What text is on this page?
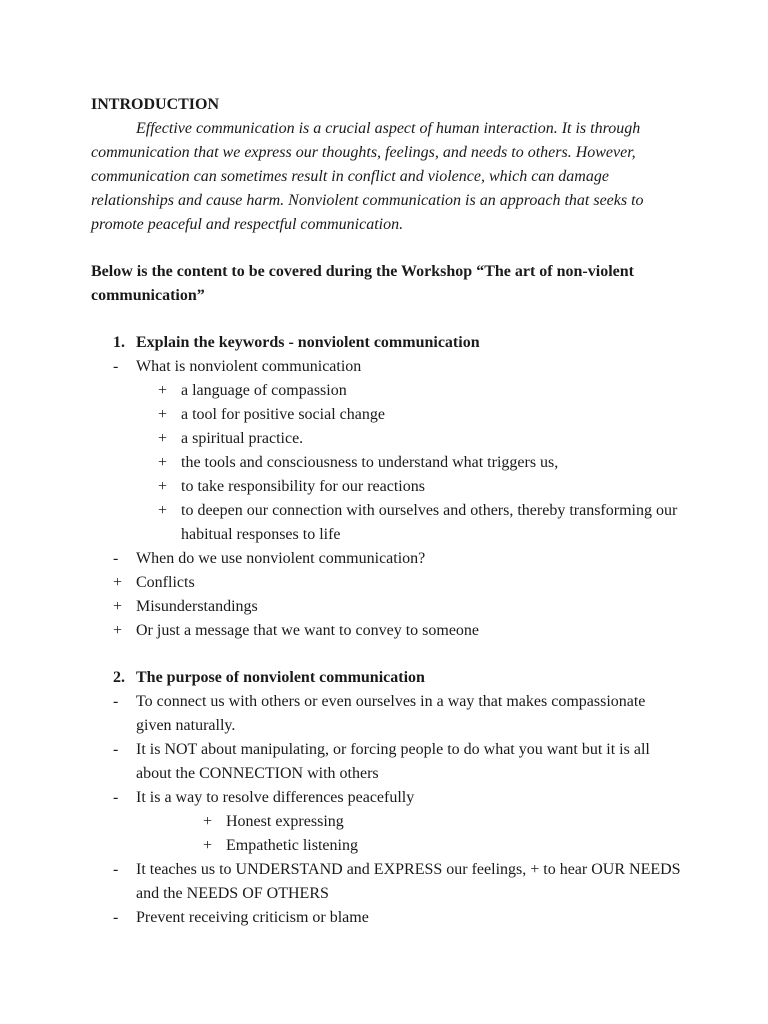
INTRODUCTION

Effective communication is a crucial aspect of human interaction. It is through communication that we express our thoughts, feelings, and needs to others. However, communication can sometimes result in conflict and violence, which can damage relationships and cause harm. Nonviolent communication is an approach that seeks to promote peaceful and respectful communication.

Below is the content to be covered during the Workshop “The art of non-violent communication”
1. Explain the keywords - nonviolent communication
- What is nonviolent communication
+ a language of compassion
+ a tool for positive social change
+ a spiritual practice.
+ the tools and consciousness to understand what triggers us,
+ to take responsibility for our reactions
+ to deepen our connection with ourselves and others, thereby transforming our habitual responses to life
- When do we use nonviolent communication?
+ Conflicts
+ Misunderstandings
+ Or just a message that we want to convey to someone
2. The purpose of nonviolent communication
- To connect us with others or even ourselves in a way that makes compassionate given naturally.
- It is NOT about manipulating, or forcing people to do what you want but it is all about the CONNECTION with others
- It is a way to resolve differences peacefully
+ Honest expressing
+ Empathetic listening
- It teaches us to UNDERSTAND and EXPRESS our feelings, + to hear OUR NEEDS and the NEEDS OF OTHERS
- Prevent receiving criticism or blame
